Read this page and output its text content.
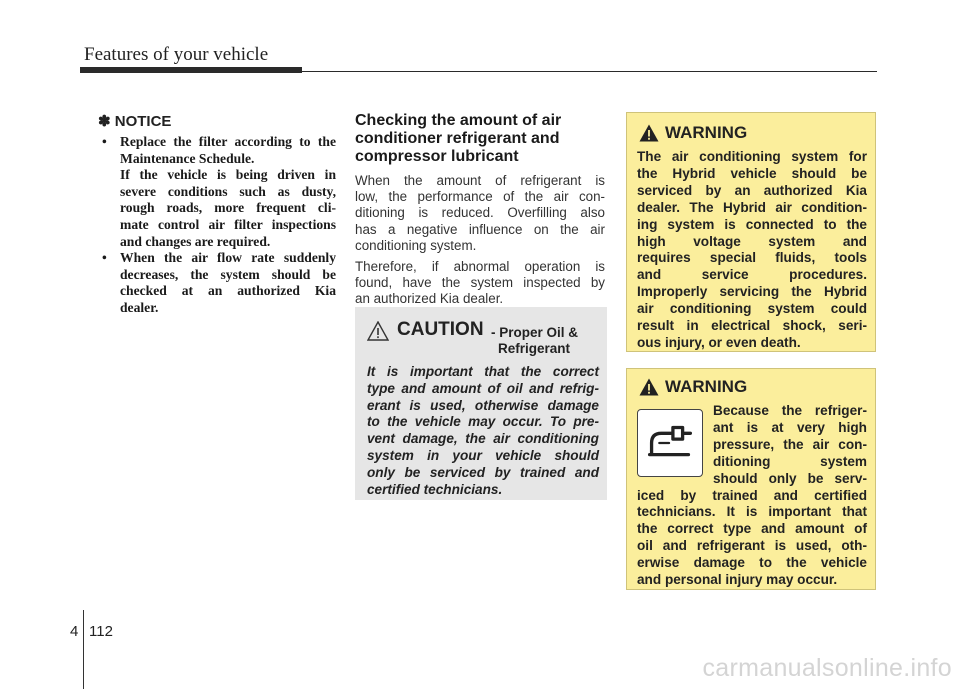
Features of your vehicle
✽ NOTICE
• Replace the filter according to the
Maintenance Schedule.
If the vehicle is being driven in
severe conditions such as dusty,
rough roads, more frequent cli-
mate control air filter inspections
and changes are required.
• When the air flow rate suddenly
decreases, the system should be
checked at an authorized Kia
dealer.
Checking the amount of air
conditioner refrigerant and
compressor lubricant

When the amount of refrigerant is
low, the performance of the air con-
ditioning is reduced. Overfilling also
has a negative influence on the air
conditioning system.

Therefore, if abnormal operation is
found, have the system inspected by
an authorized Kia dealer.

CAUTION - Proper Oil &
Refrigerant
It is important that the correct
type and amount of oil and refrig-
erant is used, otherwise damage
to the vehicle may occur. To pre-
vent damage, the air conditioning
system in your vehicle should
only be serviced by trained and
certified technicians.
WARNING
The air conditioning system for
the Hybrid vehicle should be
serviced by an authorized Kia
dealer. The Hybrid air condition-
ing system is connected to the
high voltage system and
requires special fluids, tools
and service procedures.
Improperly servicing the Hybrid
air conditioning system could
result in electrical shock, seri-
ous injury, or even death.
WARNING
Because the refriger-
ant is at very high
pressure, the air con-
ditioning system
should only be serv-
iced by trained and certified
technicians. It is important that
the correct type and amount of
oil and refrigerant is used, oth-
erwise damage to the vehicle
and personal injury may occur.
4 112
carmanualsonline.info
